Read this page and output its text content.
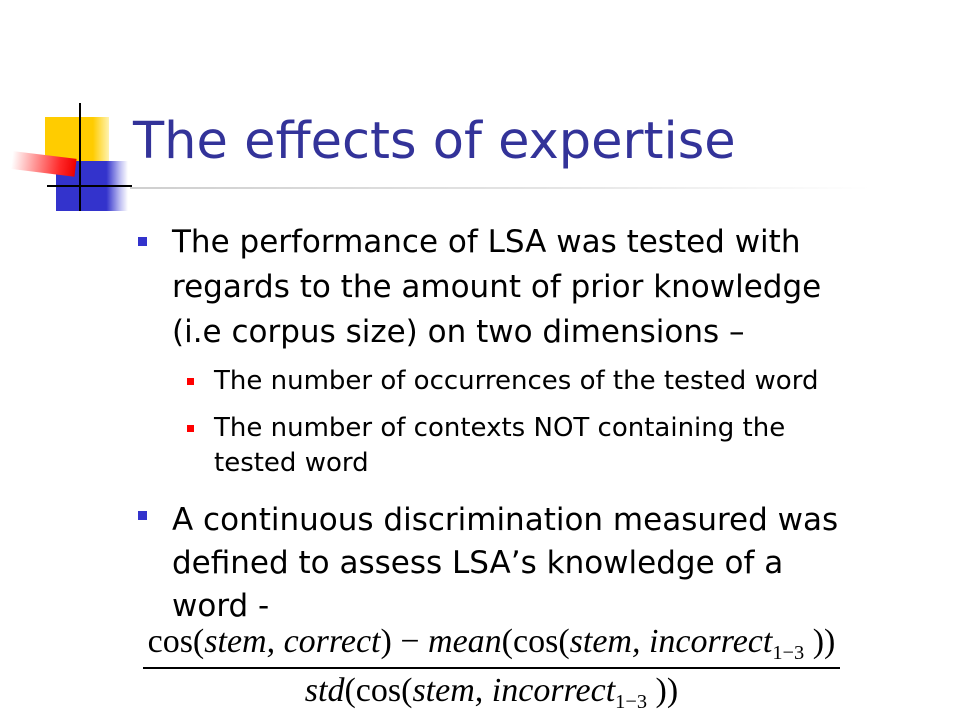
The effects of expertise
The performance of LSA was tested with regards to the amount of prior knowledge (i.e corpus size) on two dimensions –
The number of occurrences of the tested word
The number of contexts NOT containing the tested word
A continuous discrimination measured was defined to assess LSA’s knowledge of a word -
cos(stem, correct) − mean(cos(stem, incorrect$_{1-3}$ ))
std(cos(stem, incorrect$_{1-3}$ ))
